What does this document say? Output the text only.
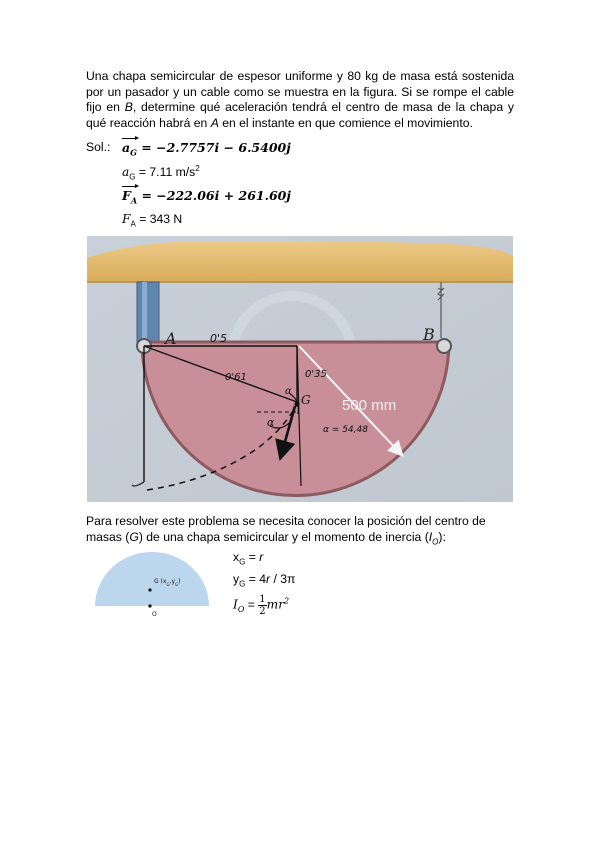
Una chapa semicircular de espesor uniforme y 80 kg de masa está sostenida por un pasador y un cable como se muestra en la figura. Si se rompe el cable fijo en B, determine qué aceleración tendrá el centro de masa de la chapa y qué reacción habrá en A en el instante en que comience el movimiento.
Sol.: $a_G = -2.7757i - 6.5400j$
$a_G = 7.11$ $m/s^2$
$F_A = -222.06i + 261.60j$
$F_A = 343$ N
A	B
500 mm
0'5
0'61	0'35
G
α
α
α = 54,48
Para resolver este problema se necesita conocer la posición del centro de masas (G) de una chapa semicircular y el momento de inercia $(I_O)$:
G $(x_G,y_G)$
O
$x_G = r$
$y_G = 4r / 3\pi$
$I_O = \frac{1}{2} mr^2$
